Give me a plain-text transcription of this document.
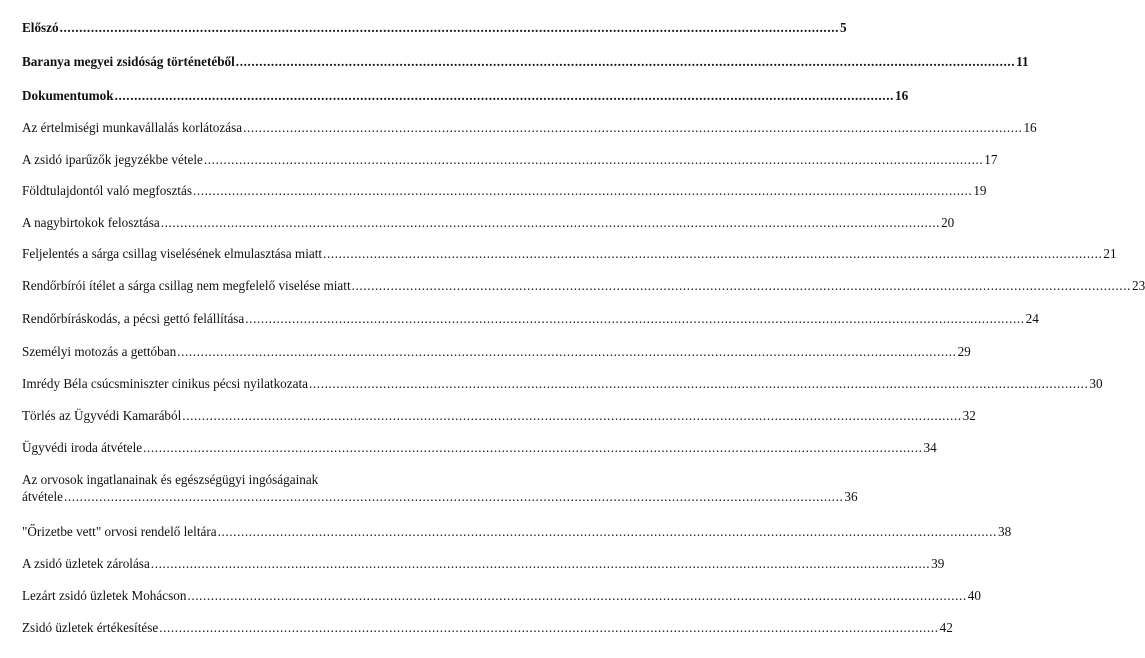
Előszó ........................................................................................................................................................................................................ 5
Baranya megyei zsidóság történetéből ........................................................................................................................................................................................................ 11
Dokumentumok ........................................................................................................................................................................................................ 16
Az értelmiségi munkavállalás korlátozása ........................................................................................................................................................................................................ 16
A zsidó iparűzők jegyzékbe vétele ........................................................................................................................................................................................................ 17
Földtulajdontól való megfosztás ........................................................................................................................................................................................................ 19
A nagybirtokok felosztása ........................................................................................................................................................................................................ 20
Feljelentés a sárga csillag viselésének elmulasztása miatt ........................................................................................................................................................................................................ 21
Rendőrbírói ítélet a sárga csillag nem megfelelő viselése miatt ........................................................................................................................................................................................................ 23
Rendőrbíráskodás, a pécsi gettó felállítása ........................................................................................................................................................................................................ 24
Személyi motozás a gettóban ........................................................................................................................................................................................................ 29
Imrédy Béla csúcsminiszter cinikus pécsi nyilatkozata ........................................................................................................................................................................................................ 30
Törlés az Ügyvédi Kamarából ........................................................................................................................................................................................................ 32
Ügyvédi iroda átvétele ........................................................................................................................................................................................................ 34
Az orvosok ingatlanainak és egészségügyi ingóságainak
átvétele ........................................................................................................................................................................................................ 36
"Őrizetbe vett" orvosi rendelő leltára ........................................................................................................................................................................................................ 38
A zsidó üzletek zárolása ........................................................................................................................................................................................................ 39
Lezárt zsidó üzletek Mohácson ........................................................................................................................................................................................................ 40
Zsidó üzletek értékesítése ........................................................................................................................................................................................................ 42
